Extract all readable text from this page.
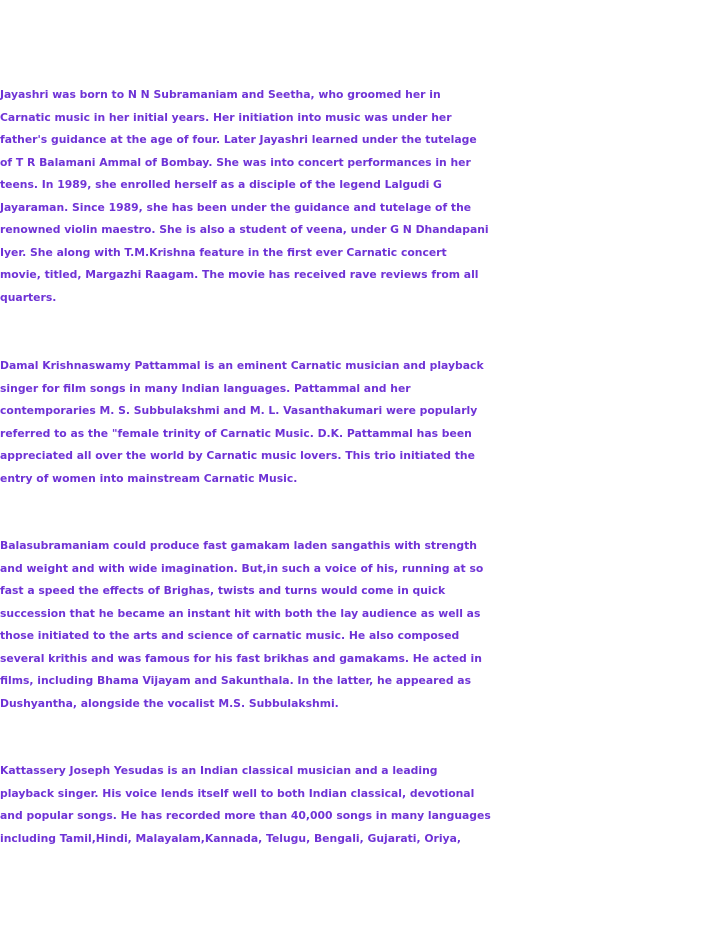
Jayashri was born to N N Subramaniam and Seetha, who groomed her in
Carnatic music in her initial years. Her initiation into music was under her
father's guidance at the age of four. Later Jayashri learned under the tutelage
of T R Balamani Ammal of Bombay. She was into concert performances in her
teens. In 1989, she enrolled herself as a disciple of the legend Lalgudi G
Jayaraman. Since 1989, she has been under the guidance and tutelage of the
renowned violin maestro. She is also a student of veena, under G N Dhandapani
Iyer. She along with T.M.Krishna feature in the first ever Carnatic concert
movie, titled, Margazhi Raagam. The movie has received rave reviews from all
quarters.

Damal Krishnaswamy Pattammal is an eminent Carnatic musician and playback
singer for film songs in many Indian languages. Pattammal and her
contemporaries M. S. Subbulakshmi and M. L. Vasanthakumari were popularly
referred to as the "female trinity of Carnatic Music. D.K. Pattammal has been
appreciated all over the world by Carnatic music lovers. This trio initiated the
entry of women into mainstream Carnatic Music.

Balasubramaniam could produce fast gamakam laden sangathis with strength
and weight and with wide imagination. But,in such a voice of his, running at so
fast a speed the effects of Brighas, twists and turns would come in quick
succession that he became an instant hit with both the lay audience as well as
those initiated to the arts and science of carnatic music. He also composed
several krithis and was famous for his fast brikhas and gamakams. He acted in
films, including Bhama Vijayam and Sakunthala. In the latter, he appeared as
Dushyantha, alongside the vocalist M.S. Subbulakshmi.

Kattassery Joseph Yesudas is an Indian classical musician and a leading
playback singer. His voice lends itself well to both Indian classical, devotional
and popular songs. He has recorded more than 40,000 songs in many languages
including Tamil,Hindi, Malayalam,Kannada, Telugu, Bengali, Gujarati, Oriya,
